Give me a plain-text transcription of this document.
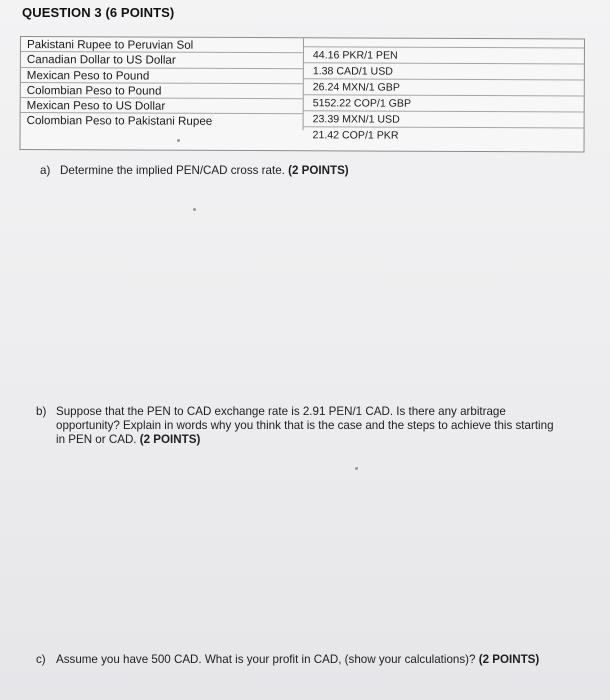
QUESTION 3 (6 POINTS)
Pakistani Rupee to Peruvian Sol
Canadian Dollar to US Dollar
Mexican Peso to Pound
Colombian Peso to Pound
Mexican Peso to US Dollar
Colombian Peso to Pakistani Rupee
44.16 PKR/1 PEN
1.38 CAD/1 USD
26.24 MXN/1 GBP
5152.22 COP/1 GBP
23.39 MXN/1 USD
21.42 COP/1 PKR
a) Determine the implied PEN/CAD cross rate. (2 POINTS)
b) Suppose that the PEN to CAD exchange rate is 2.91 PEN/1 CAD. Is there any arbitrage opportunity? Explain in words why you think that is the case and the steps to achieve this starting in PEN or CAD. (2 POINTS)
c) Assume you have 500 CAD. What is your profit in CAD, (show your calculations)? (2 POINTS)
